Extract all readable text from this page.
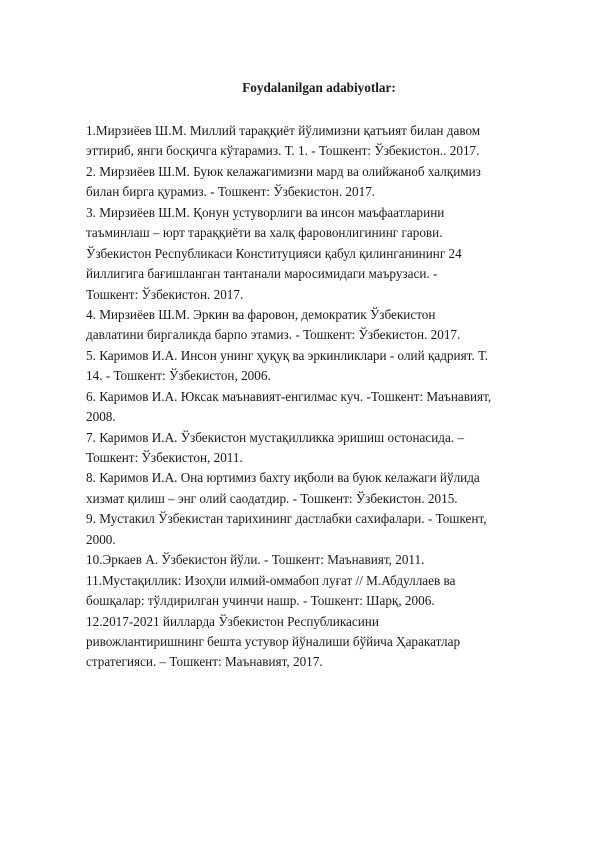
Foydalanilgan adabiyotlar:
1.Мирзиёев Ш.М. Миллий тараққиёт йўлимизни қатъият билан давом
эттириб, янги босқичга кўтарамиз. Т. 1. - Тошкент: Ўзбекистон.. 2017.
2. Мирзиёев Ш.М. Буюк келажагимизни мард ва олийжаноб халқимиз
билан бирга қурамиз. - Тошкент: Ўзбекистон. 2017.
3. Мирзиёев Ш.М. Қонун устуворлиги ва инсон маъфаатларини
таъминлаш – юрт тараққиёти ва халқ фаровонлигининг гарови.
Ўзбекистон Республикаси Конституцияси қабул қилинганининг 24
йиллигига бағишланган тантанали маросимидаги маърузаси. -
Тошкент: Ўзбекистон. 2017.
4. Мирзиёев Ш.М. Эркин ва фаровон, демократик Ўзбекистон
давлатини биргаликда барпо этамиз. - Тошкент: Ўзбекистон. 2017.
5. Каримов И.А. Инсон унинг ҳуқуқ ва эркинликлари - олий қадрият. Т.
14. - Тошкент: Ўзбекистон, 2006.
6. Каримов И.А. Юксак маънавият-енгилмас куч. -Тошкент: Маънавият,
2008.
7. Каримов И.А. Ўзбекистон мустақилликка эришиш остонасида. –
Тошкент: Ўзбекистон, 2011.
8. Каримов И.А. Она юртимиз бахту иқболи ва буюк келажаги йўлида
хизмат қилиш – энг олий саодатдир. - Тошкент: Ўзбекистон. 2015.
9. Мустакил Ўзбекистан тарихининг дастлабки сахифалари. - Тошкент,
2000.
10.Эркаев А. Ўзбекистон йўли. - Тошкент: Маънавият, 2011.
11.Мустақиллик: Изоҳли илмий-оммабоп луғат // М.Абдуллаев ва
бошқалар: тўлдирилган учинчи нашр. - Тошкент: Шарқ, 2006.
12.2017-2021 йилларда Ўзбекистон Республикасини
ривожлантиришнинг бешта устувор йўналиши бўйича Ҳаракатлар
стратегияси. – Тошкент: Маънавият, 2017.
